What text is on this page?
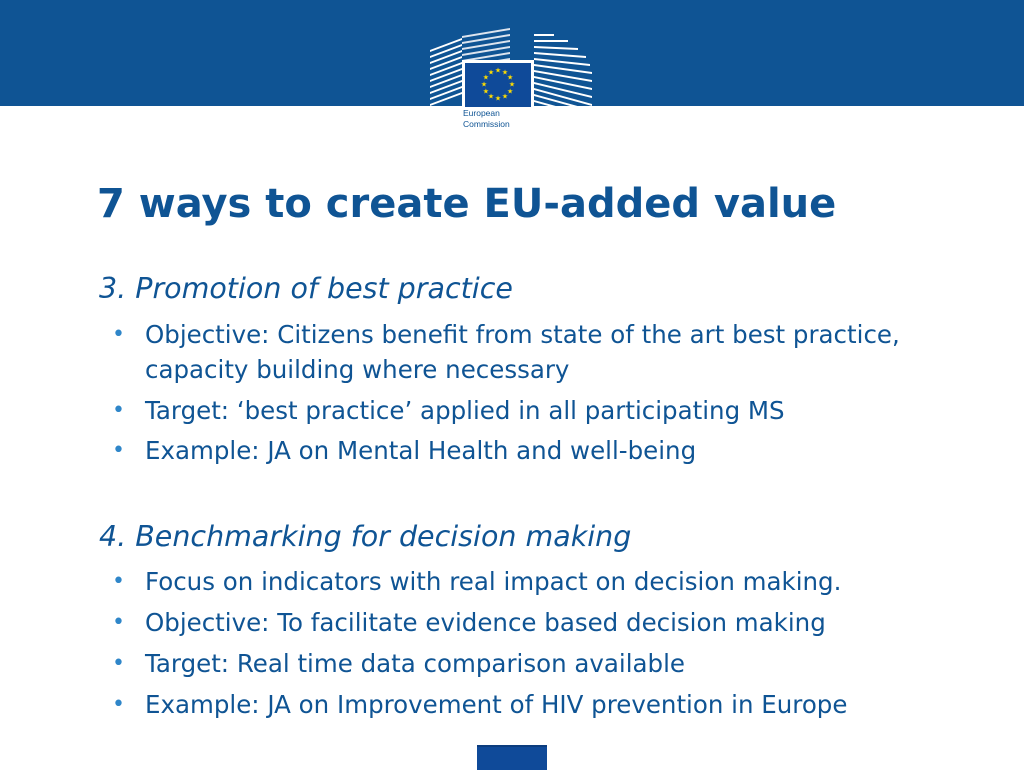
★ ★
★
★
★
★
★
★
★
★
★
★
European
Commission
7 ways to create EU-added value
3. Promotion of best practice
• Objective: Citizens benefit from state of the art best practice, capacity building where necessary
• Target: ‘best practice’ applied in all participating MS
• Example: JA on Mental Health and well-being
4. Benchmarking for decision making
• Focus on indicators with real impact on decision making.
• Objective: To facilitate evidence based decision making
• Target: Real time data comparison available
• Example: JA on Improvement of HIV prevention in Europe
